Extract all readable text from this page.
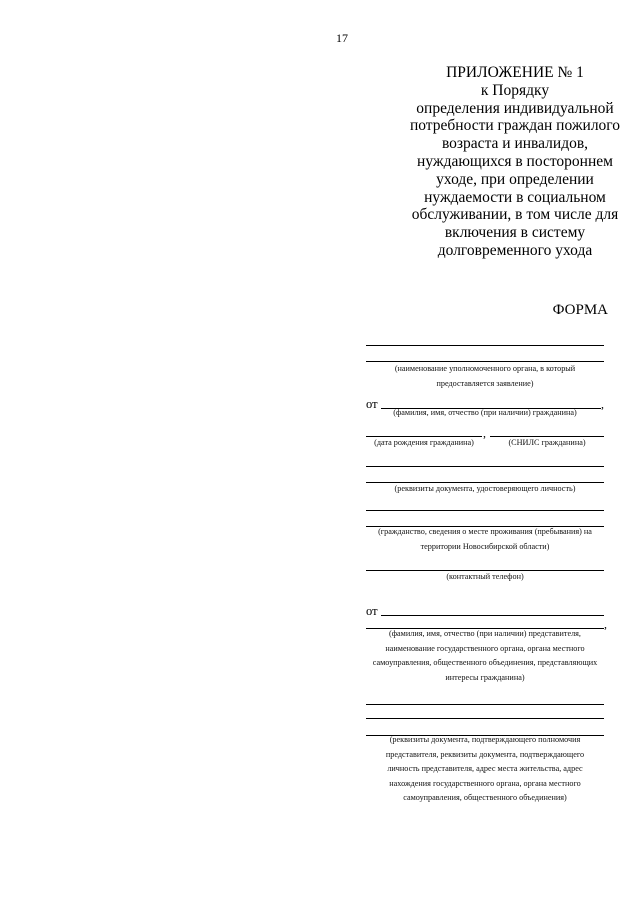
17
ПРИЛОЖЕНИЕ № 1
к Порядку
определения индивидуальной
потребности граждан пожилого
возраста и инвалидов,
нуждающихся в постороннем
уходе, при определении
нуждаемости в социальном
обслуживании, в том числе для
включения в систему
долговременного ухода
ФОРМА
(наименование уполномоченного органа, в который
предоставляется заявление)
от	,
(фамилия, имя, отчество (при наличии) гражданина)
,
(дата рождения гражданина)	(СНИЛС гражданина)
(реквизиты документа, удостоверяющего личность)
(гражданство, сведения о месте проживания (пребывания) на
территории Новосибирской области)
(контактный телефон)
от
,
(фамилия, имя, отчество (при наличии) представителя,
наименование государственного органа, органа местного
самоуправления, общественного объединения, представляющих
интересы гражданина)
(реквизиты документа, подтверждающего полномочия
представителя, реквизиты документа, подтверждающего
личность представителя, адрес места жительства, адрес
нахождения государственного органа, органа местного
самоуправления, общественного объединения)
